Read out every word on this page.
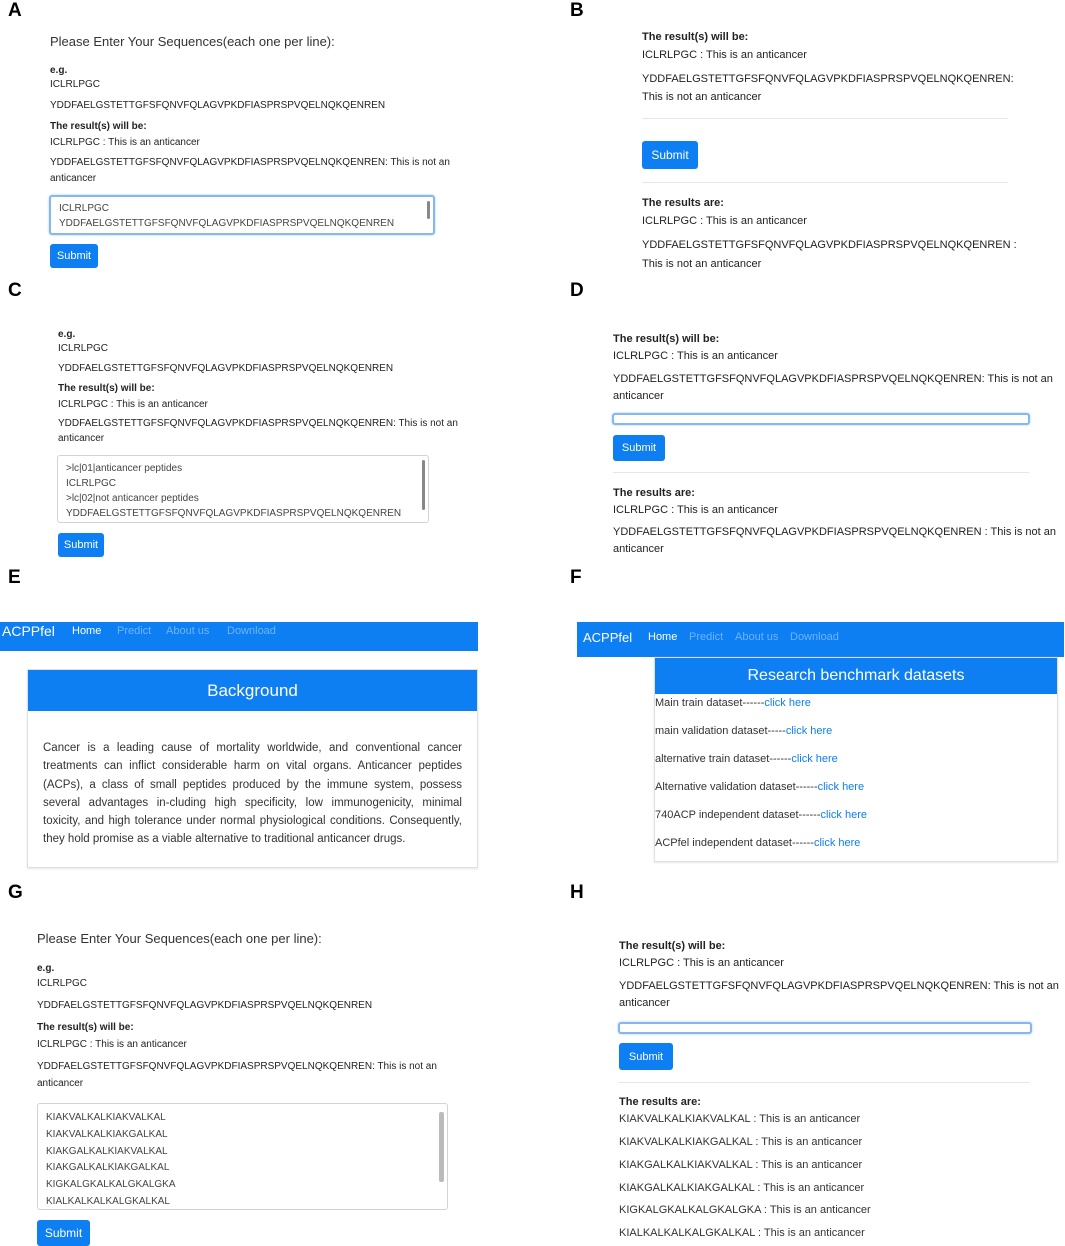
A	B
C	D
E	F
G	H
Please Enter Your Sequences(each one per line):
e.g.
ICLRLPGC
YDDFAELGSTETTGFSFQNVFQLAGVPKDFIASPRSPVQELNQKQENREN
The result(s) will be:
ICLRLPGC : This is an anticancer
YDDFAELGSTETTGFSFQNVFQLAGVPKDFIASPRSPVQELNQKQENREN: This is not an
anticancer
ICLRLPGC
YDDFAELGSTETTGFSFQNVFQLAGVPKDFIASPRSPVQELNQKQENREN
Submit
The result(s) will be:
ICLRLPGC : This is an anticancer
YDDFAELGSTETTGFSFQNVFQLAGVPKDFIASPRSPVQELNQKQENREN:
This is not an anticancer
Submit
The results are:
ICLRLPGC : This is an anticancer
YDDFAELGSTETTGFSFQNVFQLAGVPKDFIASPRSPVQELNQKQENREN :
This is not an anticancer
e.g.
ICLRLPGC
YDDFAELGSTETTGFSFQNVFQLAGVPKDFIASPRSPVQELNQKQENREN
The result(s) will be:
ICLRLPGC : This is an anticancer
YDDFAELGSTETTGFSFQNVFQLAGVPKDFIASPRSPVQELNQKQENREN: This is not an
anticancer
>lc|01|anticancer peptides
ICLRLPGC
>lc|02|not anticancer peptides
YDDFAELGSTETTGFSFQNVFQLAGVPKDFIASPRSPVQELNQKQENREN
Submit
The result(s) will be:
ICLRLPGC : This is an anticancer
YDDFAELGSTETTGFSFQNVFQLAGVPKDFIASPRSPVQELNQKQENREN: This is not an
anticancer
Submit
The results are:
ICLRLPGC : This is an anticancer
YDDFAELGSTETTGFSFQNVFQLAGVPKDFIASPRSPVQELNQKQENREN : This is not an
anticancer
ACPPfel Home Predict About us Download
Background
Cancer is a leading cause of mortality worldwide, and conventional cancer treatments can inflict considerable harm on vital organs. Anticancer peptides (ACPs), a class of small peptides produced by the immune system, possess several advantages in-cluding high specificity, low immunogenicity, minimal toxicity, and high tolerance under normal physiological conditions. Consequently, they hold promise as a viable alternative to traditional anticancer drugs.
ACPPfel Home Predict About us Download
Research benchmark datasets
Main train dataset------click here
main validation dataset-----click here
alternative train dataset------click here
Alternative validation dataset------click here
740ACP independent dataset------click here
ACPfel independent dataset------click here
Please Enter Your Sequences(each one per line):
e.g.
ICLRLPGC
YDDFAELGSTETTGFSFQNVFQLAGVPKDFIASPRSPVQELNQKQENREN
The result(s) will be:
ICLRLPGC : This is an anticancer
YDDFAELGSTETTGFSFQNVFQLAGVPKDFIASPRSPVQELNQKQENREN: This is not an
anticancer
KIAKVALKALKIAKVALKAL
KIAKVALKALKIAKGALKAL
KIAKGALKALKIAKVALKAL
KIAKGALKALKIAKGALKAL
KIGKALGKALKALGKALGKA
KIALKALKALKALGKALKAL
Submit
The result(s) will be:
ICLRLPGC : This is an anticancer
YDDFAELGSTETTGFSFQNVFQLAGVPKDFIASPRSPVQELNQKQENREN: This is not an
anticancer
Submit
The results are:
KIAKVALKALKIAKVALKAL : This is an anticancer
KIAKVALKALKIAKGALKAL : This is an anticancer
KIAKGALKALKIAKVALKAL : This is an anticancer
KIAKGALKALKIAKGALKAL : This is an anticancer
KIGKALGKALKALGKALGKA : This is an anticancer
KIALKALKALKALGKALKAL : This is an anticancer
